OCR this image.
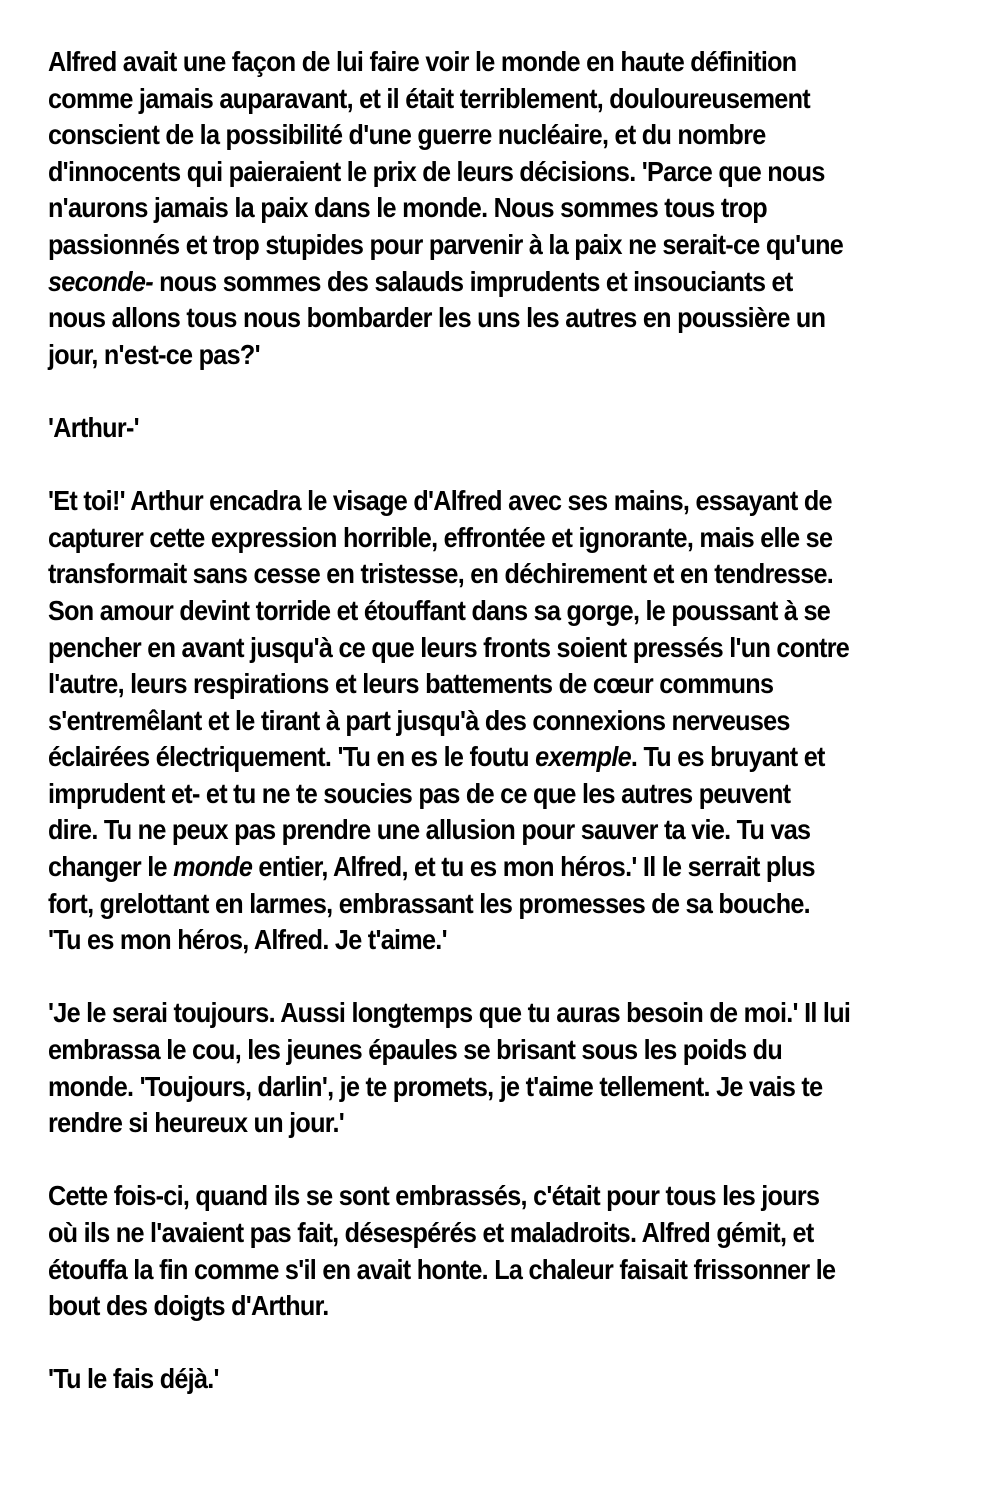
Alfred avait une façon de lui faire voir le monde en haute définition
comme jamais auparavant, et il était terriblement, douloureusement
conscient de la possibilité d'une guerre nucléaire, et du nombre
d'innocents qui paieraient le prix de leurs décisions. 'Parce que nous
n'aurons jamais la paix dans le monde. Nous sommes tous trop
passionnés et trop stupides pour parvenir à la paix ne serait-ce qu'une
seconde- nous sommes des salauds imprudents et insouciants et
nous allons tous nous bombarder les uns les autres en poussière un
jour, n'est-ce pas?'
'Arthur-'
'Et toi!' Arthur encadra le visage d'Alfred avec ses mains, essayant de
capturer cette expression horrible, effrontée et ignorante, mais elle se
transformait sans cesse en tristesse, en déchirement et en tendresse.
Son amour devint torride et étouffant dans sa gorge, le poussant à se
pencher en avant jusqu'à ce que leurs fronts soient pressés l'un contre
l'autre, leurs respirations et leurs battements de cœur communs
s'entremêlant et le tirant à part jusqu'à des connexions nerveuses
éclairées électriquement. 'Tu en es le foutu exemple. Tu es bruyant et
imprudent et- et tu ne te soucies pas de ce que les autres peuvent
dire. Tu ne peux pas prendre une allusion pour sauver ta vie. Tu vas
changer le monde entier, Alfred, et tu es mon héros.' Il le serrait plus
fort, grelottant en larmes, embrassant les promesses de sa bouche.
'Tu es mon héros, Alfred. Je t'aime.'
'Je le serai toujours. Aussi longtemps que tu auras besoin de moi.' Il lui
embrassa le cou, les jeunes épaules se brisant sous les poids du
monde. 'Toujours, darlin', je te promets, je t'aime tellement. Je vais te
rendre si heureux un jour.'
Cette fois-ci, quand ils se sont embrassés, c'était pour tous les jours
où ils ne l'avaient pas fait, désespérés et maladroits. Alfred gémit, et
étouffa la fin comme s'il en avait honte. La chaleur faisait frissonner le
bout des doigts d'Arthur.
'Tu le fais déjà.'
